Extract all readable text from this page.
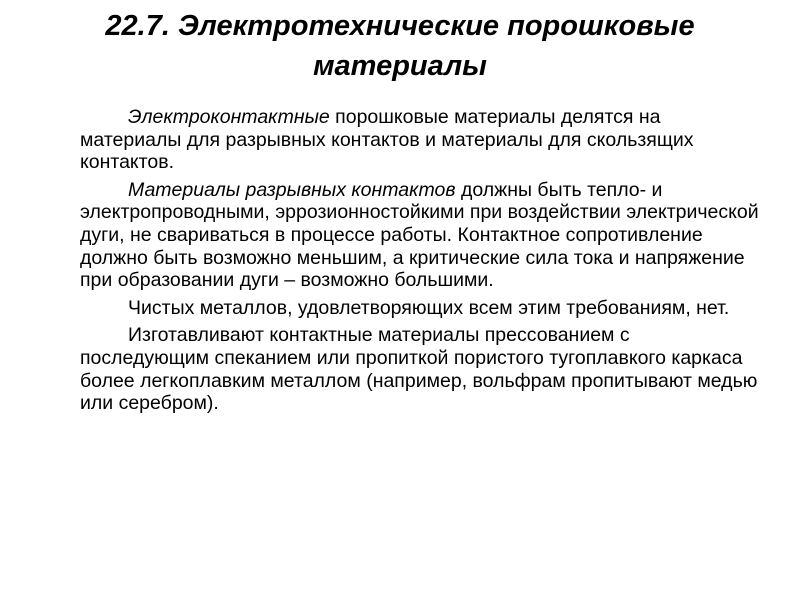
22.7. Электротехнические порошковые
материалы

Электроконтактные порошковые материалы делятся на материалы для разрывных контактов и материалы для скользящих контактов.

Материалы разрывных контактов должны быть тепло- и электропроводными, эррозионностойкими при воздействии электрической дуги, не свариваться в процессе работы. Контактное сопротивление должно быть возможно меньшим, а критические сила тока и напряжение при образовании дуги – возможно большими.

Чистых металлов, удовлетворяющих всем этим требованиям, нет.

Изготавливают контактные материалы прессованием с последующим спеканием или пропиткой пористого тугоплавкого каркаса более легкоплавким металлом (например, вольфрам пропитывают медью или серебром).
